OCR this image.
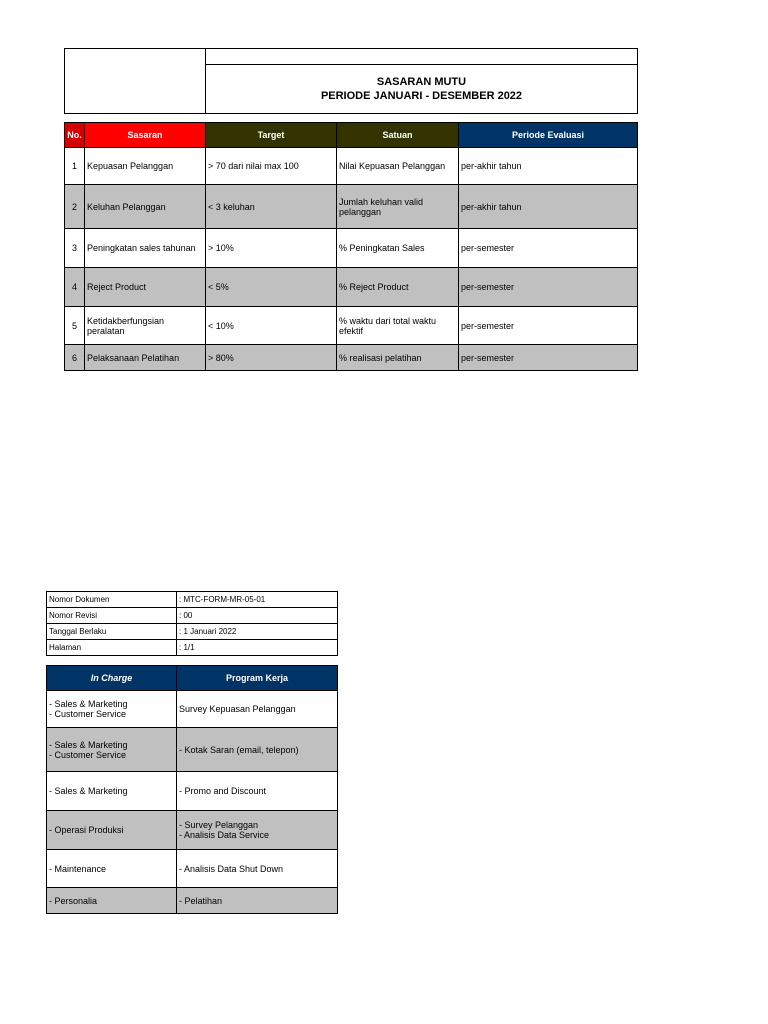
SASARAN MUTU
PERIODE JANUARI - DESEMBER 2022
No.	Sasaran	Target	Satuan	Periode Evaluasi
1	Kepuasan Pelanggan	> 70 dari nilai max 100	Nilai Kepuasan Pelanggan	per-akhir tahun
2	Keluhan Pelanggan	< 3 keluhan	Jumlah keluhan valid pelanggan	per-akhir tahun
3	Peningkatan sales tahunan	> 10%	% Peningkatan Sales	per-semester
4	Reject Product	< 5%	% Reject Product	per-semester
5	Ketidakberfungsian peralatan	< 10%	% waktu dari total waktu efektif	per-semester
6	Pelaksanaan Pelatihan	> 80%	% realisasi pelatihan	per-semester
Nomor Dokumen	: MTC-FORM-MR-05-01
Nomor Revisi	: 00
Tanggal Berlaku	: 1 Januari 2022
Halaman	: 1/1
In Charge	Program Kerja

- Sales & Marketing
- Customer Service	Survey Kepuasan Pelanggan

- Sales & Marketing
- Customer Service	- Kotak Saran (email, telepon)

- Sales & Marketing	- Promo and Discount

- Operasi Produksi	- Survey Pelanggan
- Analisis Data Service

- Maintenance	- Analisis Data Shut Down

- Personalia	- Pelatihan
